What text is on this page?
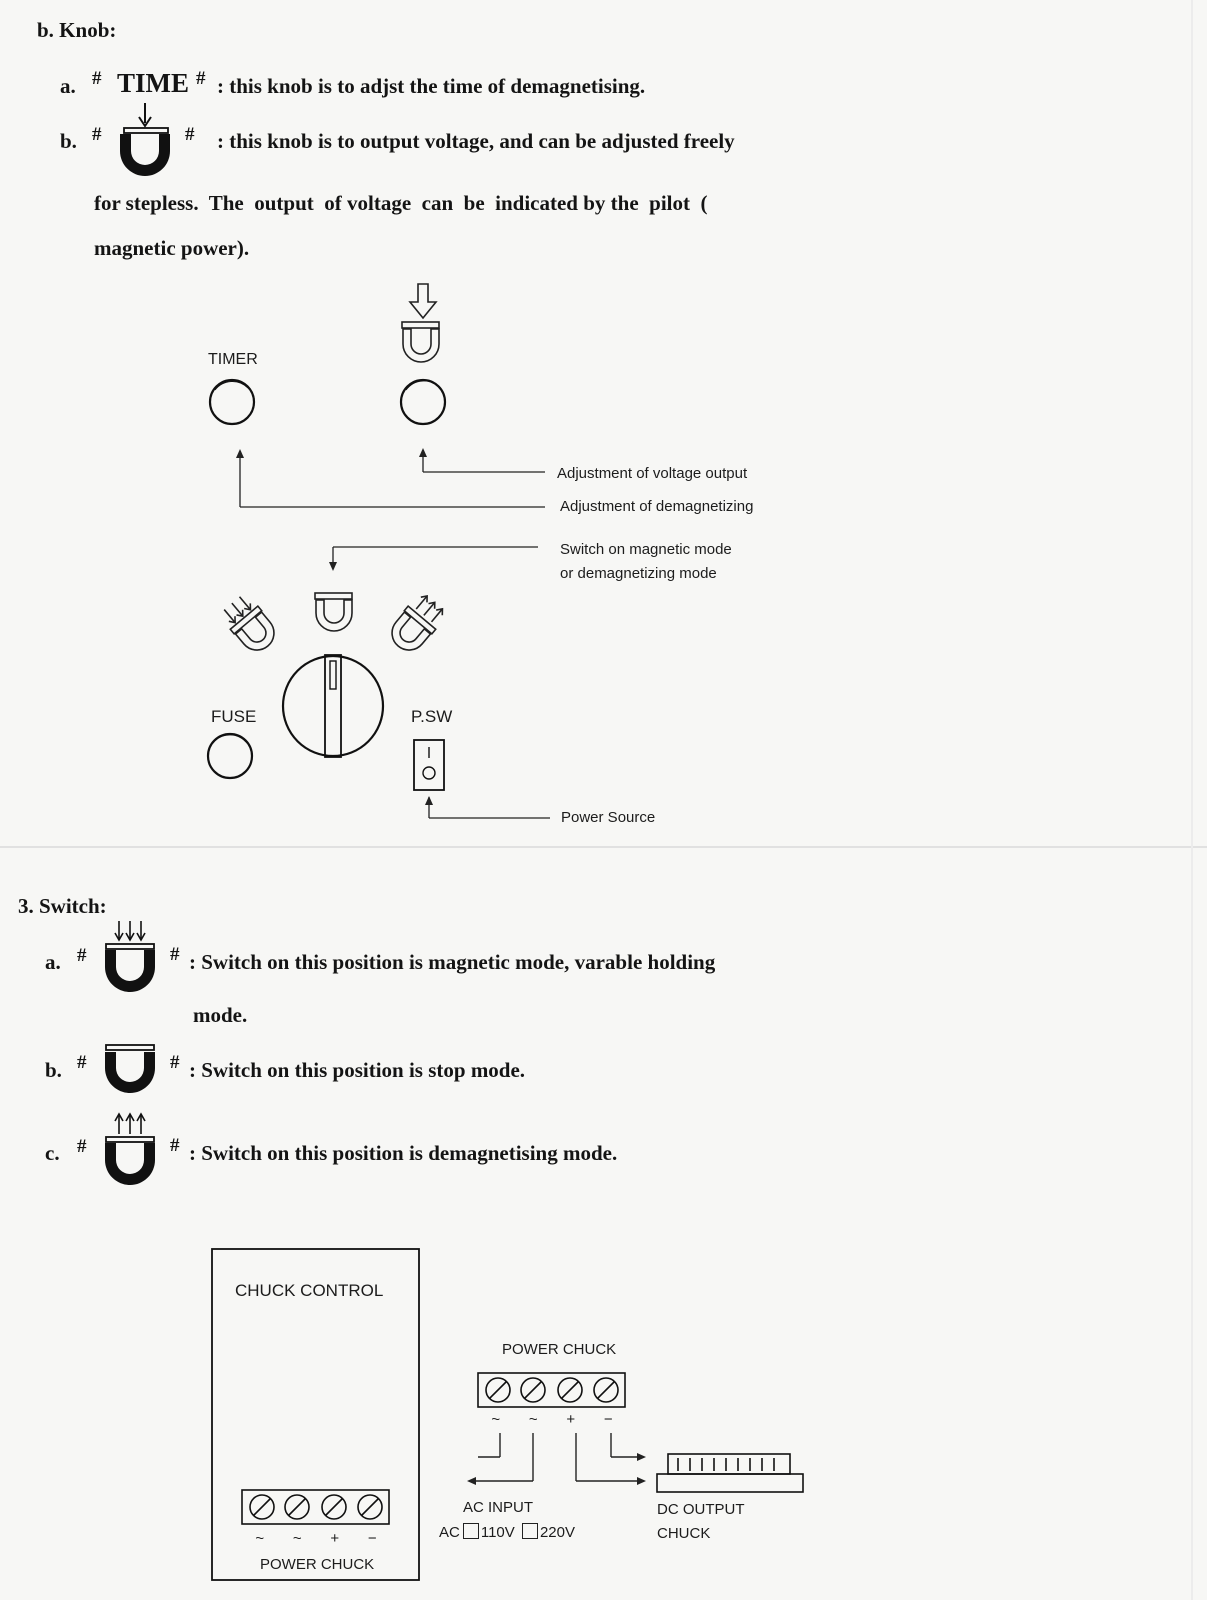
b. Knob:
a. # TIME # : this knob is to adjst the time of demagnetising.
b. #	# : this knob is to output voltage, and can be adjusted freely
for stepless.  The  output  of voltage  can  be  indicated by the  pilot  (
magnetic power).
TIMER
Adjustment of voltage output
Adjustment of demagnetizing
Switch on magnetic mode
or demagnetizing mode
FUSE	P.SW
Power Source
3. Switch:
a. #	# : Switch on this position is magnetic mode, varable holding
mode.
b. #	# : Switch on this position is stop mode.
c. #	# : Switch on this position is demagnetising mode.
CHUCK CONTROL
~ ~ + −
POWER CHUCK
POWER CHUCK
~ ~ + −
AC INPUT
AC 110V 220V
DC OUTPUT
CHUCK
